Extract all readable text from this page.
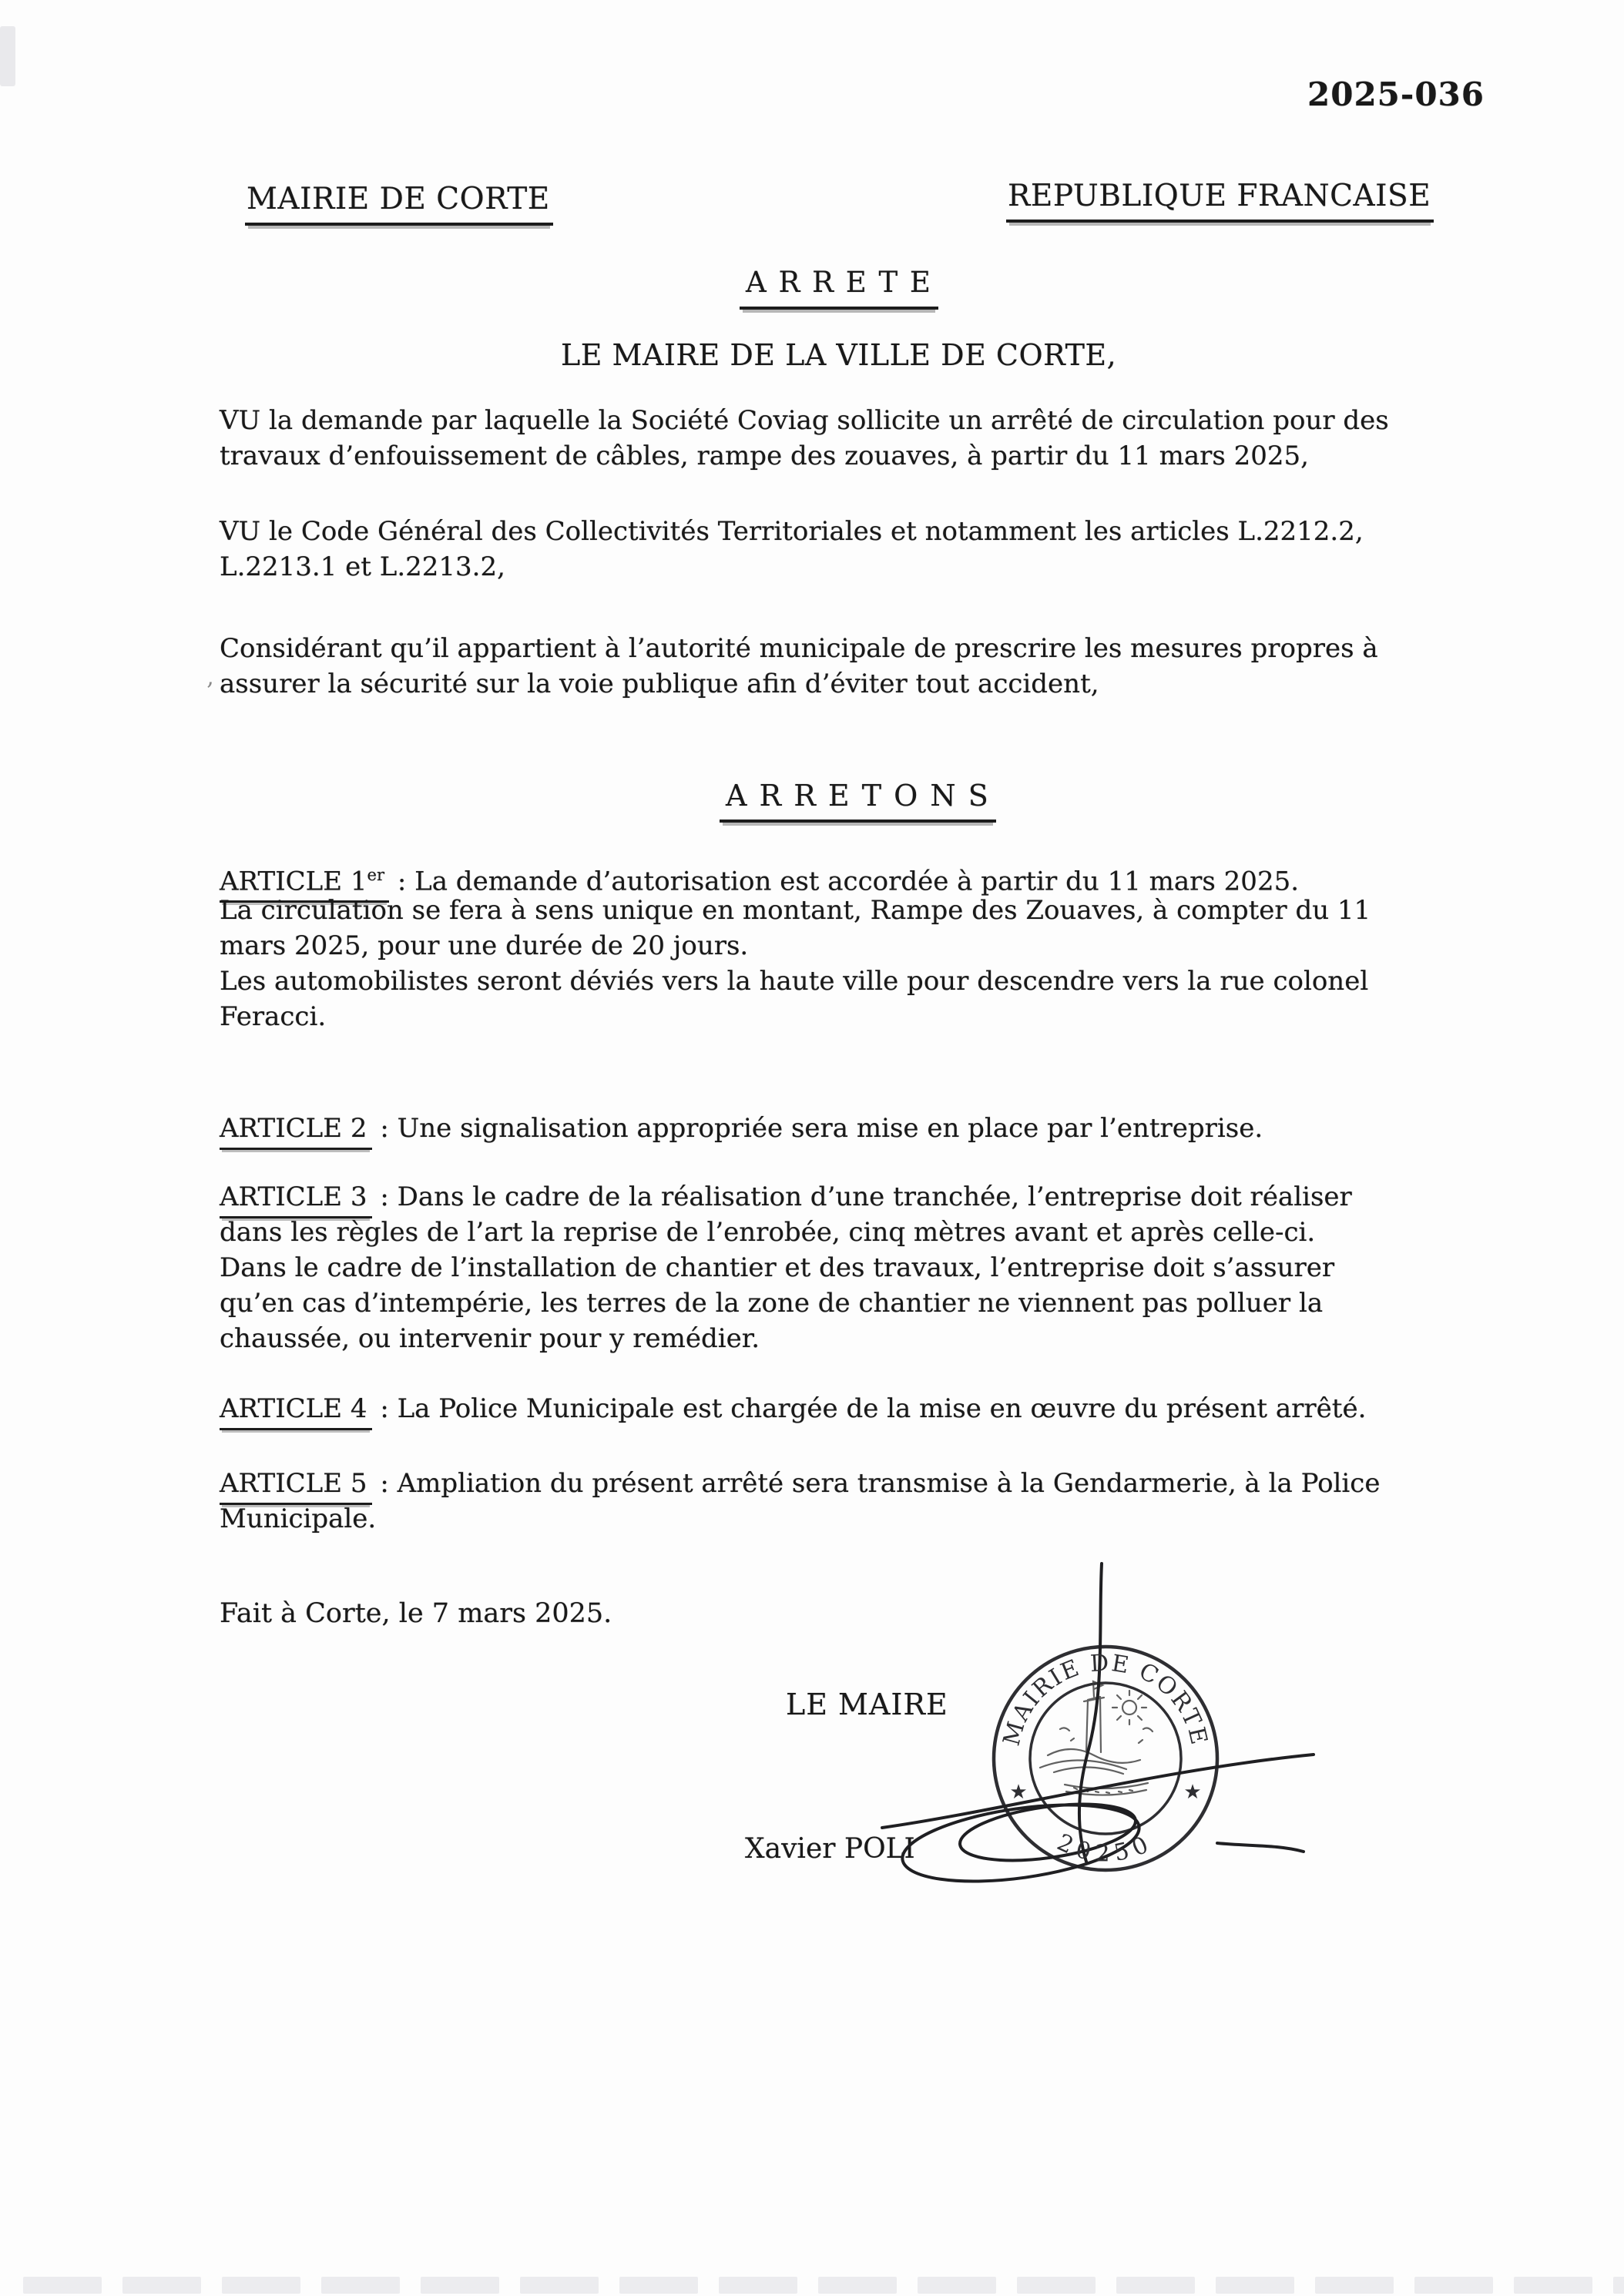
2025-036
MAIRIE DE CORTE	REPUBLIQUE FRANCAISE
A R R E T E
LE MAIRE DE LA VILLE DE CORTE,
‚
VU la demande par laquelle la Société Coviag sollicite un arrêté de circulation pour des
travaux d’enfouissement de câbles, rampe des zouaves, à partir du 11 mars 2025,
VU le Code Général des Collectivités Territoriales et notamment les articles L.2212.2,
L.2213.1 et L.2213.2,
Considérant qu’il appartient à l’autorité municipale de prescrire les mesures propres à
assurer la sécurité sur la voie publique afin d’éviter tout accident,
A R R E T O N S
ARTICLE 1er : La demande d’autorisation est accordée à partir du 11 mars 2025.
La circulation se fera à sens unique en montant, Rampe des Zouaves, à compter du 11
mars 2025, pour une durée de 20 jours.
Les automobilistes seront déviés vers la haute ville pour descendre vers la rue colonel
Feracci.
ARTICLE 2 : Une signalisation appropriée sera mise en place par l’entreprise.
ARTICLE 3 : Dans le cadre de la réalisation d’une tranchée, l’entreprise doit réaliser
dans les règles de l’art la reprise de l’enrobée, cinq mètres avant et après celle-ci.
Dans le cadre de l’installation de chantier et des travaux, l’entreprise doit s’assurer
qu’en cas d’intempérie, les terres de la zone de chantier ne viennent pas polluer la
chaussée, ou intervenir pour y remédier.
ARTICLE 4 : La Police Municipale est chargée de la mise en œuvre du présent arrêté.
ARTICLE 5 : Ampliation du présent arrêté sera transmise à la Gendarmerie, à la Police
Municipale.
Fait à Corte, le 7 mars 2025.
LE MAIRE
Xavier POLI
MAIRIE DE CORTE
20250
★	★
